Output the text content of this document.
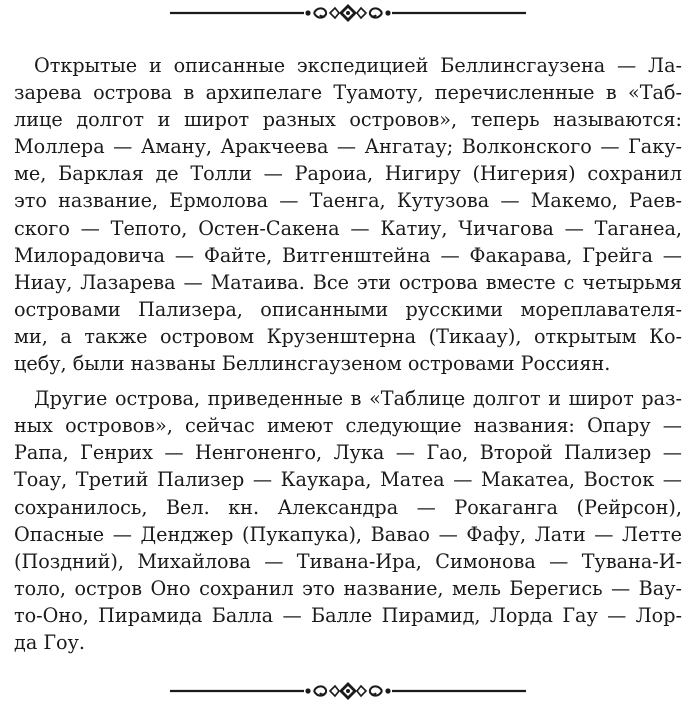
Открытые и описанные экспедицией Беллинсгаузена — Ла-
зарева острова в архипелаге Туамоту, перечисленные в «Таб-
лице долгот и широт разных островов», теперь называются:
Моллера — Аману, Аракчеева — Ангатау; Волконского — Гаку-
ме, Барклая де Толли — Рароиа, Нигиру (Нигерия) сохранил
это название, Ермолова — Таенга, Кутузова — Макемо, Раев-
ского — Тепото, Остен-Сакена — Катиу, Чичагова — Таганеа,
Милорадовича — Файте, Витгенштейна — Факарава, Грейга —
Ниау, Лазарева — Матаива. Все эти острова вместе с четырьмя
островами Пализера, описанными русскими мореплавателя-
ми, а также островом Крузенштерна (Тикаау), открытым Ко-
цебу, были названы Беллинсгаузеном островами Россиян.
Другие острова, приведенные в «Таблице долгот и широт раз-
ных островов», сейчас имеют следующие названия: Опару —
Рапа, Генрих — Ненгоненго, Лука — Гао, Второй Пализер —
Тоау, Третий Пализер — Каукара, Матеа — Макатеа, Восток —
сохранилось, Вел. кн. Александра — Рокаганга (Рейрсон),
Опасные — Денджер (Пукапука), Вавао — Фафу, Лати — Летте
(Поздний), Михайлова — Тивана-Ира, Симонова — Тувана-И-
толо, остров Оно сохранил это название, мель Берегись — Вау-
то-Оно, Пирамида Балла — Балле Пирамид, Лорда Гау — Лор-
да Гоу.
